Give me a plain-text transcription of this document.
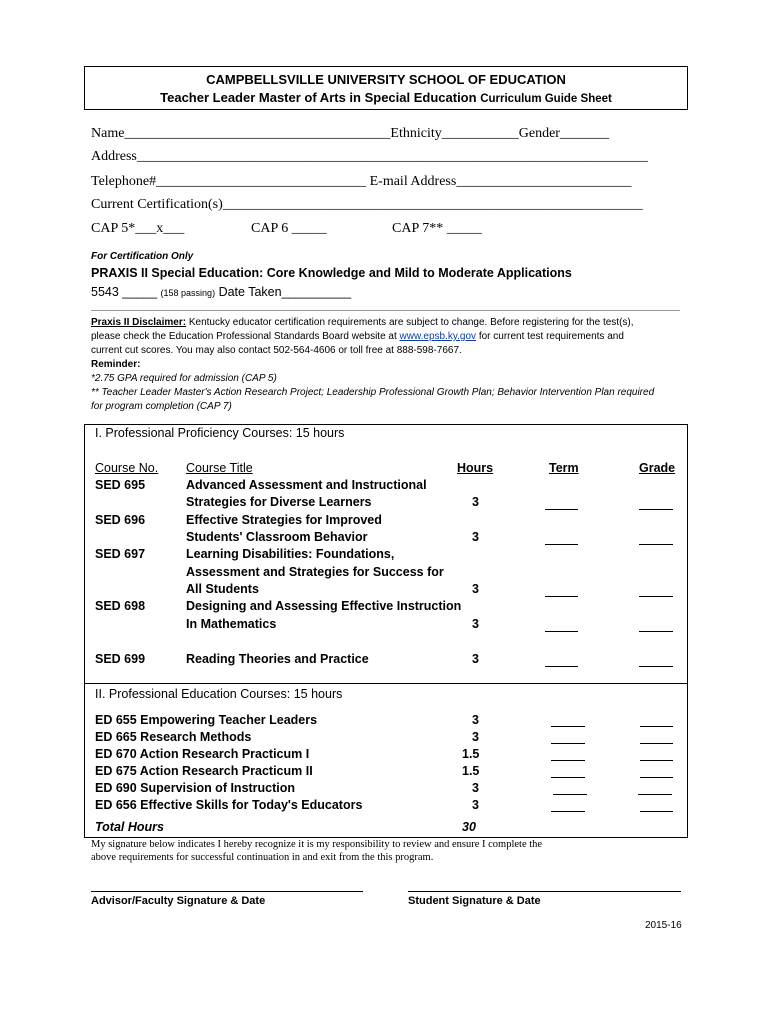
CAMPBELLSVILLE UNIVERSITY SCHOOL OF EDUCATION
Teacher Leader Master of Arts in Special Education Curriculum Guide Sheet
Name______________________________________Ethnicity___________Gender_______
Address_________________________________________________________________________
Telephone#______________________________ E-mail Address_________________________
Current Certification(s)____________________________________________________________
CAP 5*___x___	CAP 6 _____	CAP 7** _____
For Certification Only
PRAXIS II Special Education: Core Knowledge and Mild to Moderate Applications
5543 _____ (158 passing) Date Taken__________
Praxis II Disclaimer: Kentucky educator certification requirements are subject to change. Before registering for the test(s),
please check the Education Professional Standards Board website at www.epsb.ky.gov for current test requirements and
current cut scores. You may also contact 502-564-4606 or toll free at 888-598-7667.
Reminder:
*2.75 GPA required for admission (CAP 5)
** Teacher Leader Master's Action Research Project; Leadership Professional Growth Plan; Behavior Intervention Plan required
for program completion (CAP 7)
I. Professional Proficiency Courses: 15 hours
Course No. Course Title	Hours	Term	Grade
SED 695	Advanced Assessment and Instructional
Strategies for Diverse Learners	3
SED 696	Effective Strategies for Improved
Students' Classroom Behavior	3
SED 697	Learning Disabilities: Foundations,
Assessment and Strategies for Success for
All Students	3
SED 698	Designing and Assessing Effective Instruction
In Mathematics	3
SED 699	Reading Theories and Practice	3
II. Professional Education Courses: 15 hours
ED 655 Empowering Teacher Leaders	3
ED 665 Research Methods	3
ED 670 Action Research Practicum I	1.5
ED 675 Action Research Practicum II	1.5
ED 690 Supervision of Instruction	3
ED 656 Effective Skills for Today's Educators	3
Total Hours	30
My signature below indicates I hereby recognize it is my responsibility to review and ensure I complete the
above requirements for successful continuation in and exit from the this program.
Advisor/Faculty Signature & Date	Student Signature & Date
2015-16
